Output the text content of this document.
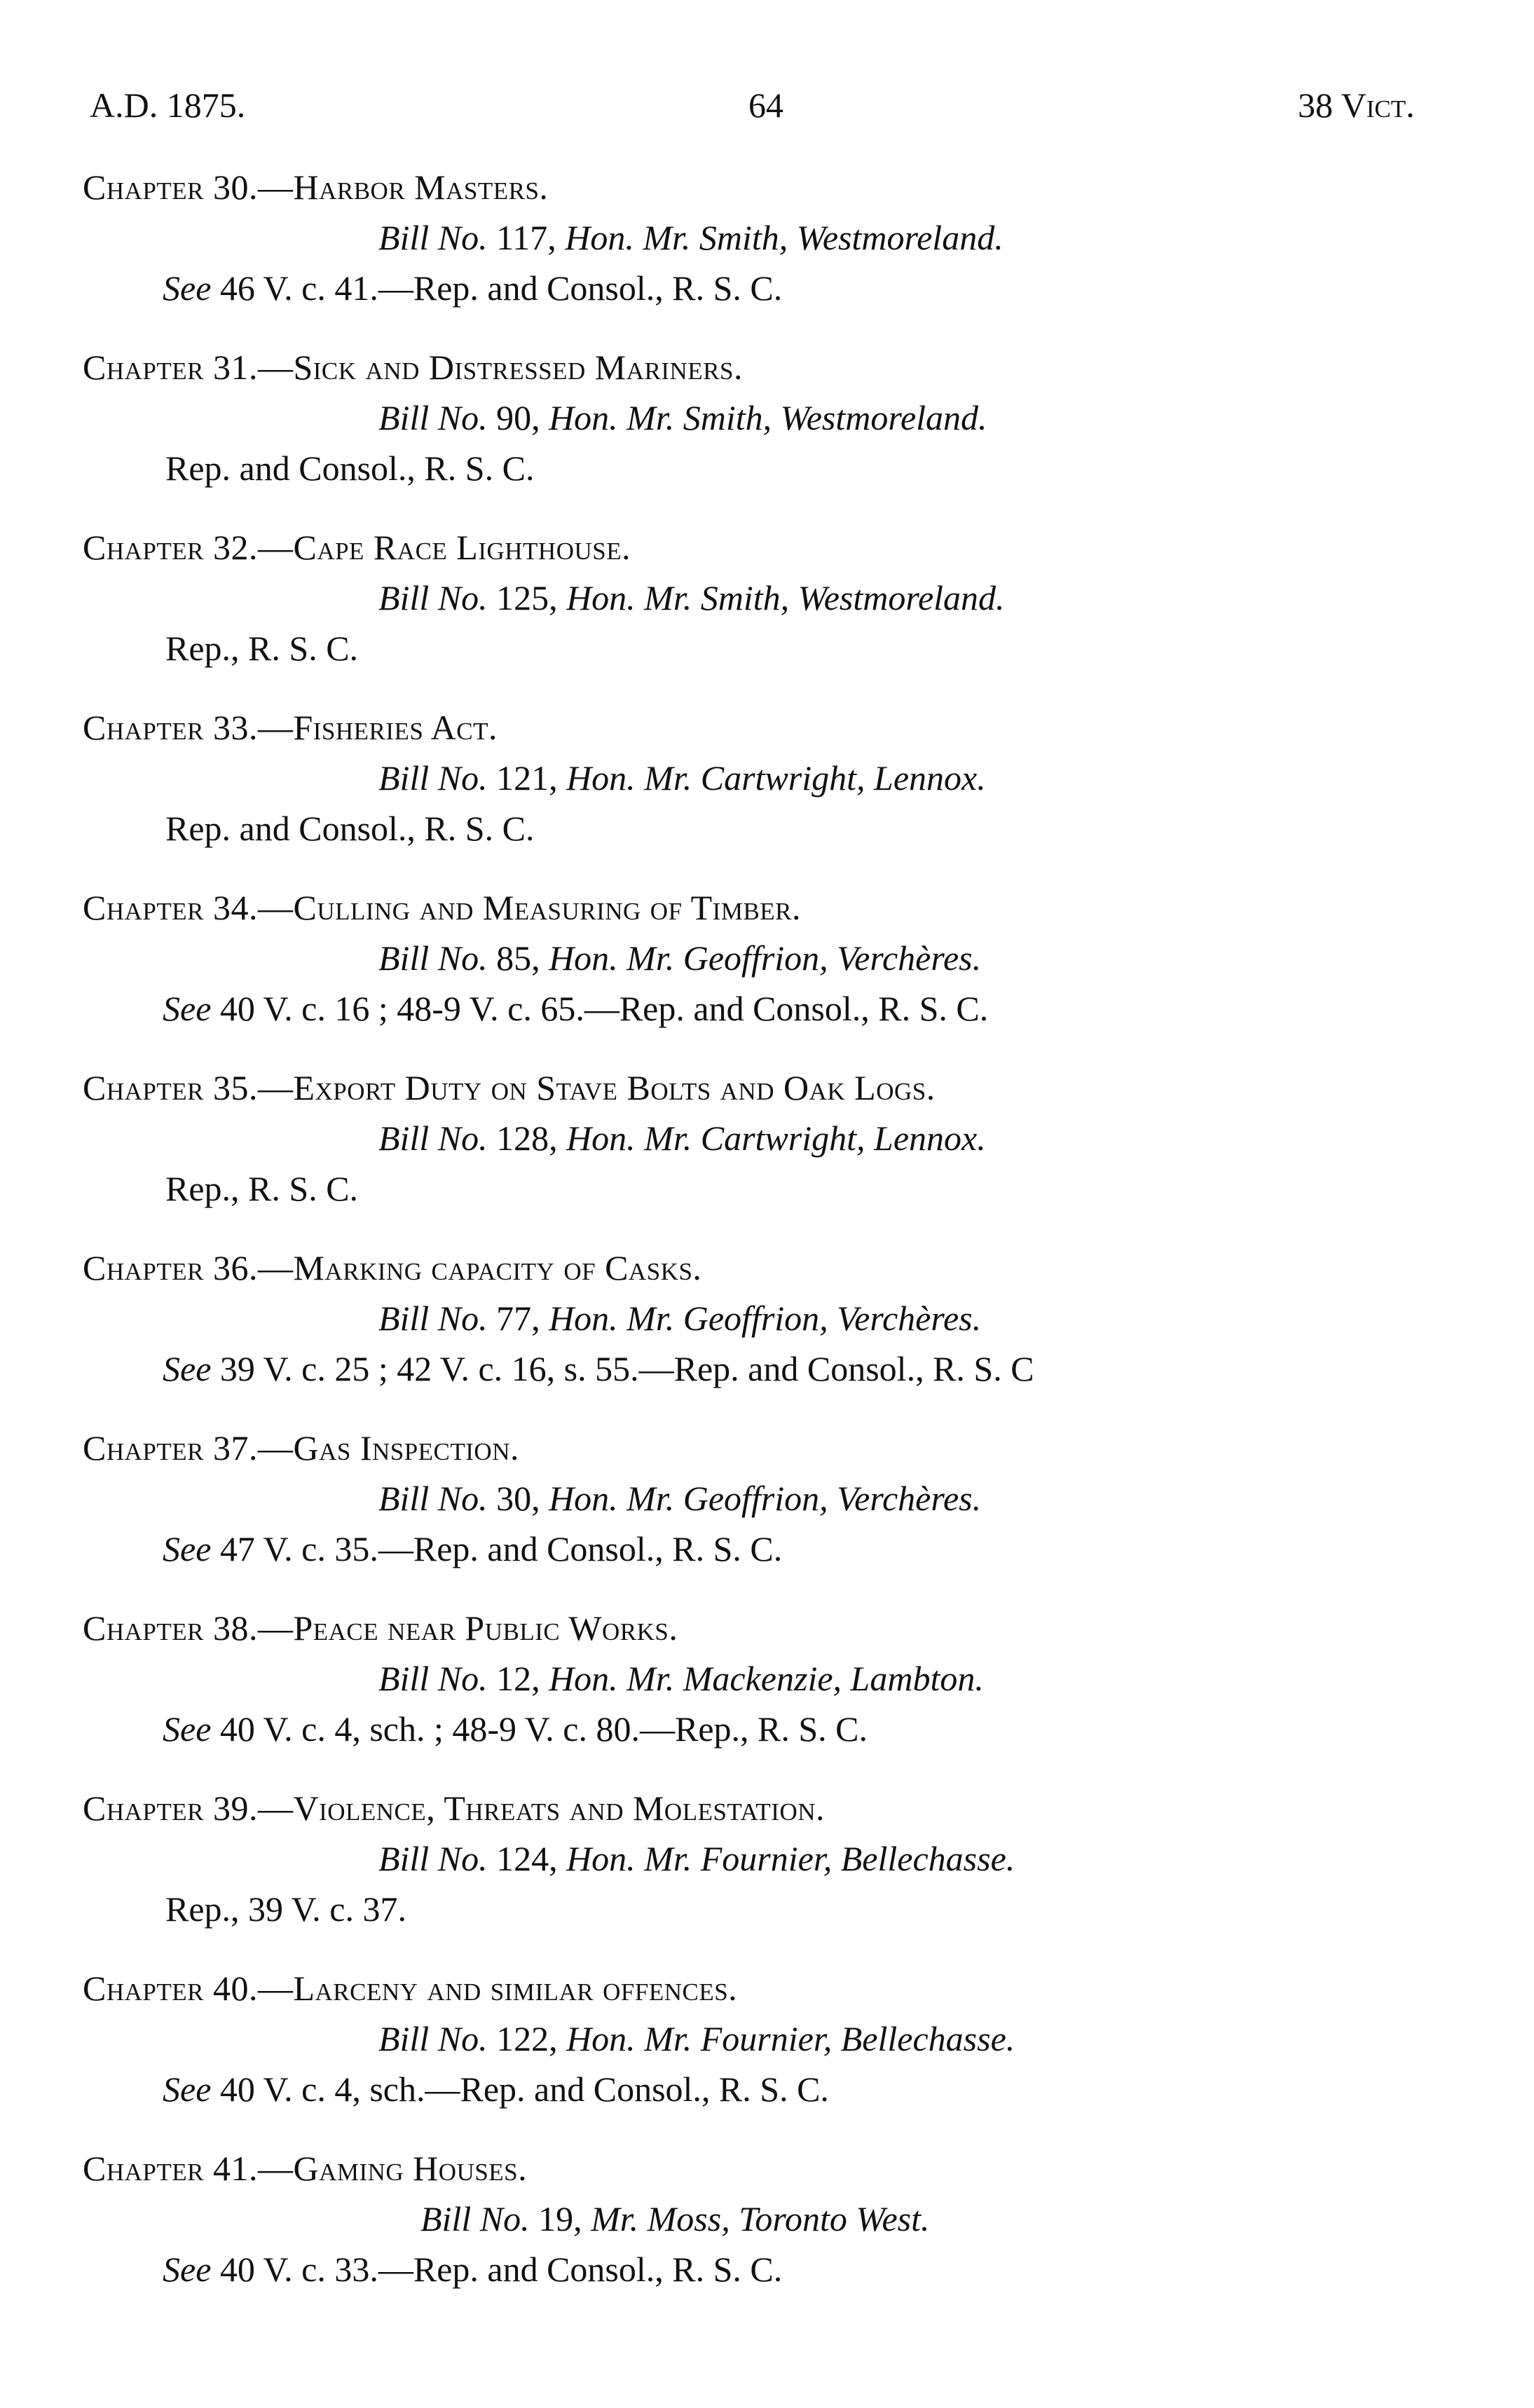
A.D. 1875.	64	38 Vict.
Chapter 30.—Harbor Masters.
Bill No. 117, Hon. Mr. Smith, Westmoreland.
See 46 V. c. 41.—Rep. and Consol., R. S. C.
Chapter 31.—Sick and Distressed Mariners.
Bill No. 90, Hon. Mr. Smith, Westmoreland.
Rep. and Consol., R. S. C.
Chapter 32.—Cape Race Lighthouse.
Bill No. 125, Hon. Mr. Smith, Westmoreland.
Rep., R. S. C.
Chapter 33.—Fisheries Act.
Bill No. 121, Hon. Mr. Cartwright, Lennox.
Rep. and Consol., R. S. C.
Chapter 34.—Culling and Measuring of Timber.
Bill No. 85, Hon. Mr. Geoffrion, Verchères.
See 40 V. c. 16 ; 48-9 V. c. 65.—Rep. and Consol., R. S. C.
Chapter 35.—Export Duty on Stave Bolts and Oak Logs.
Bill No. 128, Hon. Mr. Cartwright, Lennox.
Rep., R. S. C.
Chapter 36.—Marking capacity of Casks.
Bill No. 77, Hon. Mr. Geoffrion, Verchères.
See 39 V. c. 25 ; 42 V. c. 16, s. 55.—Rep. and Consol., R. S. C
Chapter 37.—Gas Inspection.
Bill No. 30, Hon. Mr. Geoffrion, Verchères.
See 47 V. c. 35.—Rep. and Consol., R. S. C.
Chapter 38.—Peace near Public Works.
Bill No. 12, Hon. Mr. Mackenzie, Lambton.
See 40 V. c. 4, sch. ; 48-9 V. c. 80.—Rep., R. S. C.
Chapter 39.—Violence, Threats and Molestation.
Bill No. 124, Hon. Mr. Fournier, Bellechasse.
Rep., 39 V. c. 37.
Chapter 40.—Larceny and similar offences.
Bill No. 122, Hon. Mr. Fournier, Bellechasse.
See 40 V. c. 4, sch.—Rep. and Consol., R. S. C.
Chapter 41.—Gaming Houses.
Bill No. 19, Mr. Moss, Toronto West.
See 40 V. c. 33.—Rep. and Consol., R. S. C.
